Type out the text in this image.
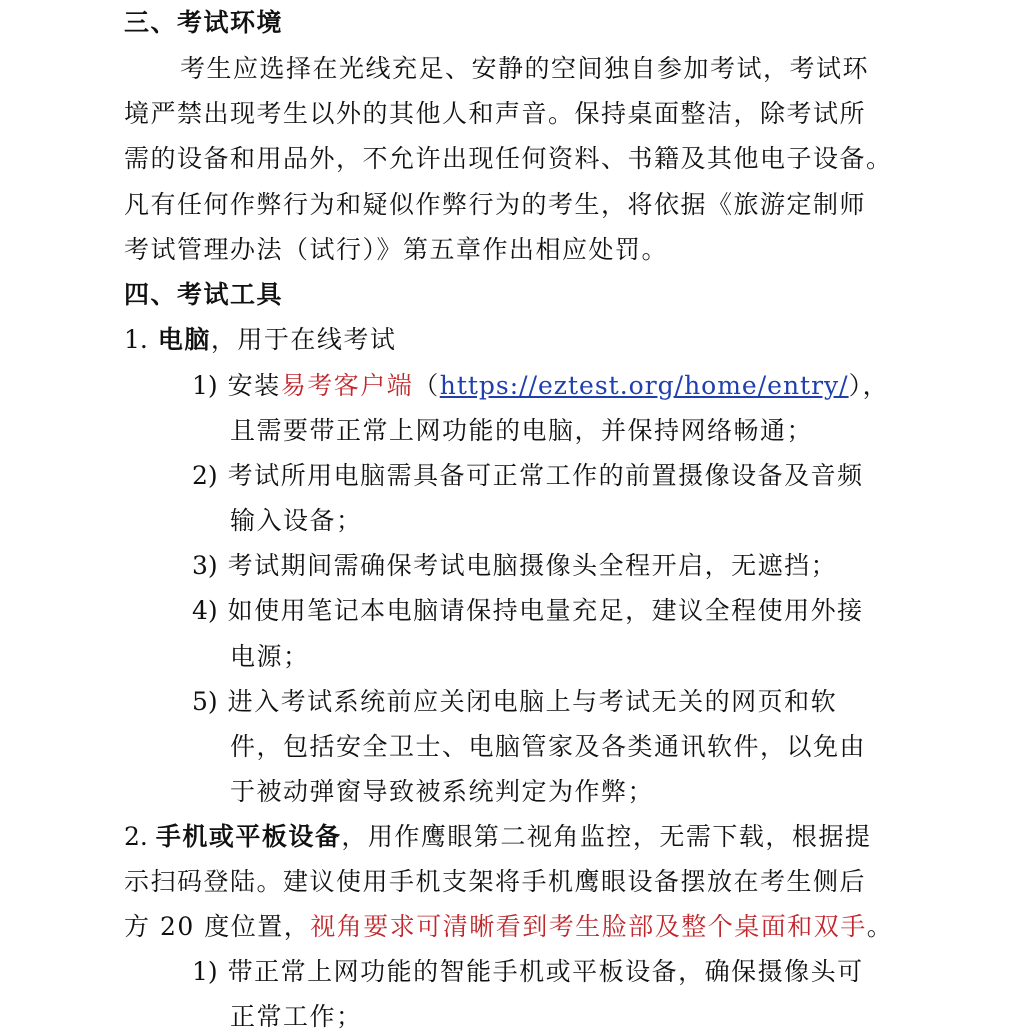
三、考试环境
考生应选择在光线充足、安静的空间独自参加考试，考试环
境严禁出现考生以外的其他人和声音。保持桌面整洁，除考试所
需的设备和用品外，不允许出现任何资料、书籍及其他电子设备。
凡有任何作弊行为和疑似作弊行为的考生，将依据《旅游定制师
考试管理办法（试行）》第五章作出相应处罚。
四、考试工具
1. 电脑，用于在线考试
1) 安装易考客户端（https://eztest.org/home/entry/），
且需要带正常上网功能的电脑，并保持网络畅通；
2) 考试所用电脑需具备可正常工作的前置摄像设备及音频
输入设备；
3) 考试期间需确保考试电脑摄像头全程开启，无遮挡；
4) 如使用笔记本电脑请保持电量充足，建议全程使用外接
电源；
5) 进入考试系统前应关闭电脑上与考试无关的网页和软
件，包括安全卫士、电脑管家及各类通讯软件，以免由
于被动弹窗导致被系统判定为作弊；
2. 手机或平板设备，用作鹰眼第二视角监控，无需下载，根据提
示扫码登陆。建议使用手机支架将手机鹰眼设备摆放在考生侧后
方 20 度位置，视角要求可清晰看到考生脸部及整个桌面和双手。
1) 带正常上网功能的智能手机或平板设备，确保摄像头可
正常工作；
